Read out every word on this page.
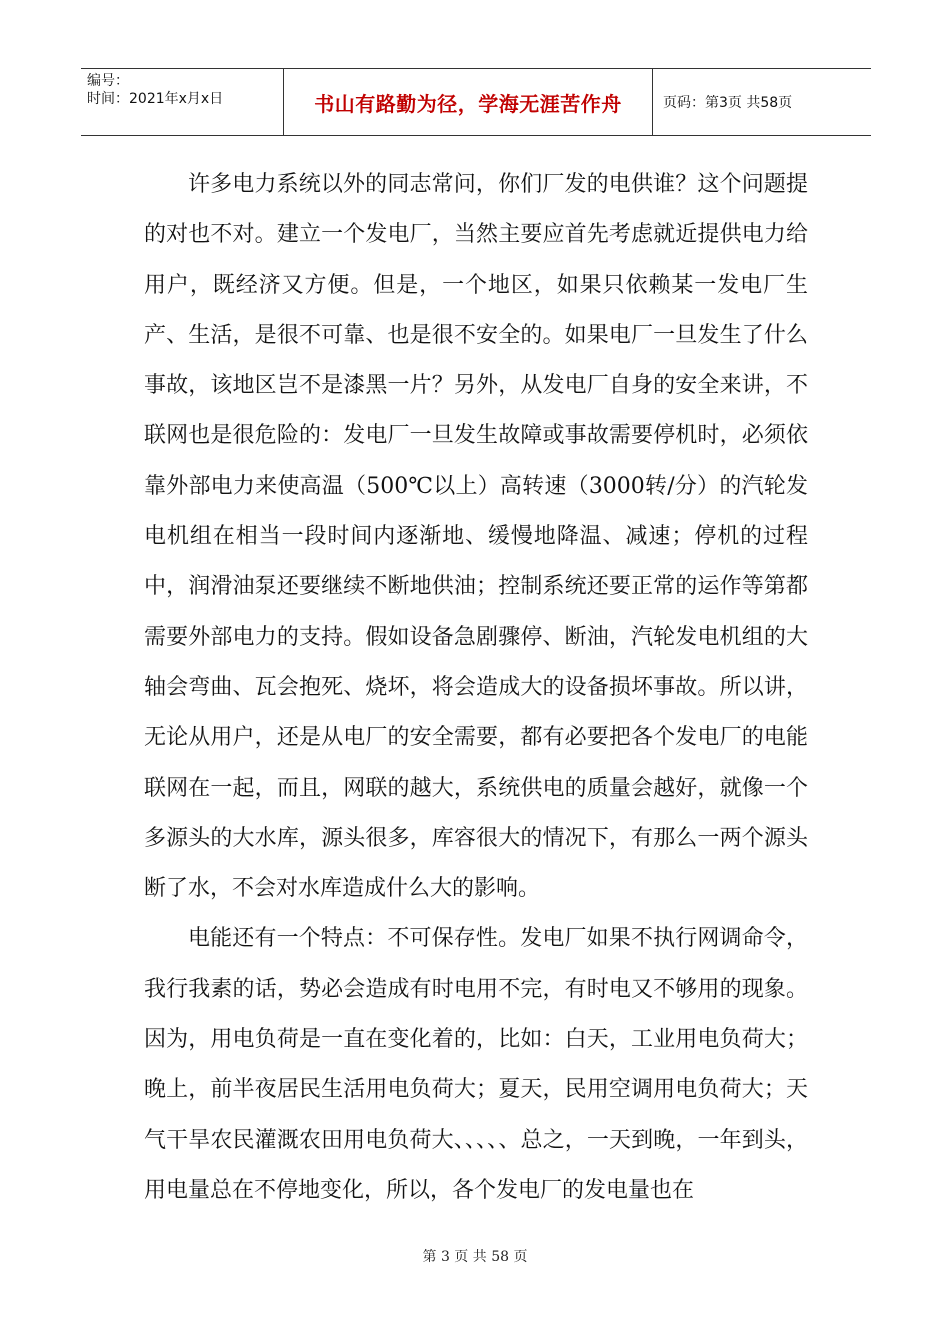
编号：
时间：2021年x月x日	书山有路勤为径，学海无涯苦作舟	页码：第3页 共58页

许多电力系统以外的同志常问，你们厂发的电供谁？这个问题提的对也不对。建立一个发电厂，当然主要应首先考虑就近提供电力给用户，既经济又方便。但是，一个地区，如果只依赖某一发电厂生产、生活，是很不可靠、也是很不安全的。如果电厂一旦发生了什么事故，该地区岂不是漆黑一片？另外，从发电厂自身的安全来讲，不联网也是很危险的：发电厂一旦发生故障或事故需要停机时，必须依靠外部电力来使高温（500℃以上）高转速（3000转/分）的汽轮发电机组在相当一段时间内逐渐地、缓慢地降温、减速；停机的过程中，润滑油泵还要继续不断地供油；控制系统还要正常的运作等第都需要外部电力的支持。假如设备急剧骤停、断油，汽轮发电机组的大轴会弯曲、瓦会抱死、烧坏，将会造成大的设备损坏事故。所以讲，无论从用户，还是从电厂的安全需要，都有必要把各个发电厂的电能联网在一起，而且，网联的越大，系统供电的质量会越好，就像一个多源头的大水库，源头很多，库容很大的情况下，有那么一两个源头断了水，不会对水库造成什么大的影响。

电能还有一个特点：不可保存性。发电厂如果不执行网调命令，我行我素的话，势必会造成有时电用不完，有时电又不够用的现象。因为，用电负荷是一直在变化着的，比如：白天，工业用电负荷大；晚上，前半夜居民生活用电负荷大；夏天，民用空调用电负荷大；天气干旱农民灌溉农田用电负荷大、、、、、总之，一天到晚，一年到头，用电量总在不停地变化，所以，各个发电厂的发电量也在

第 3 页 共 58 页
